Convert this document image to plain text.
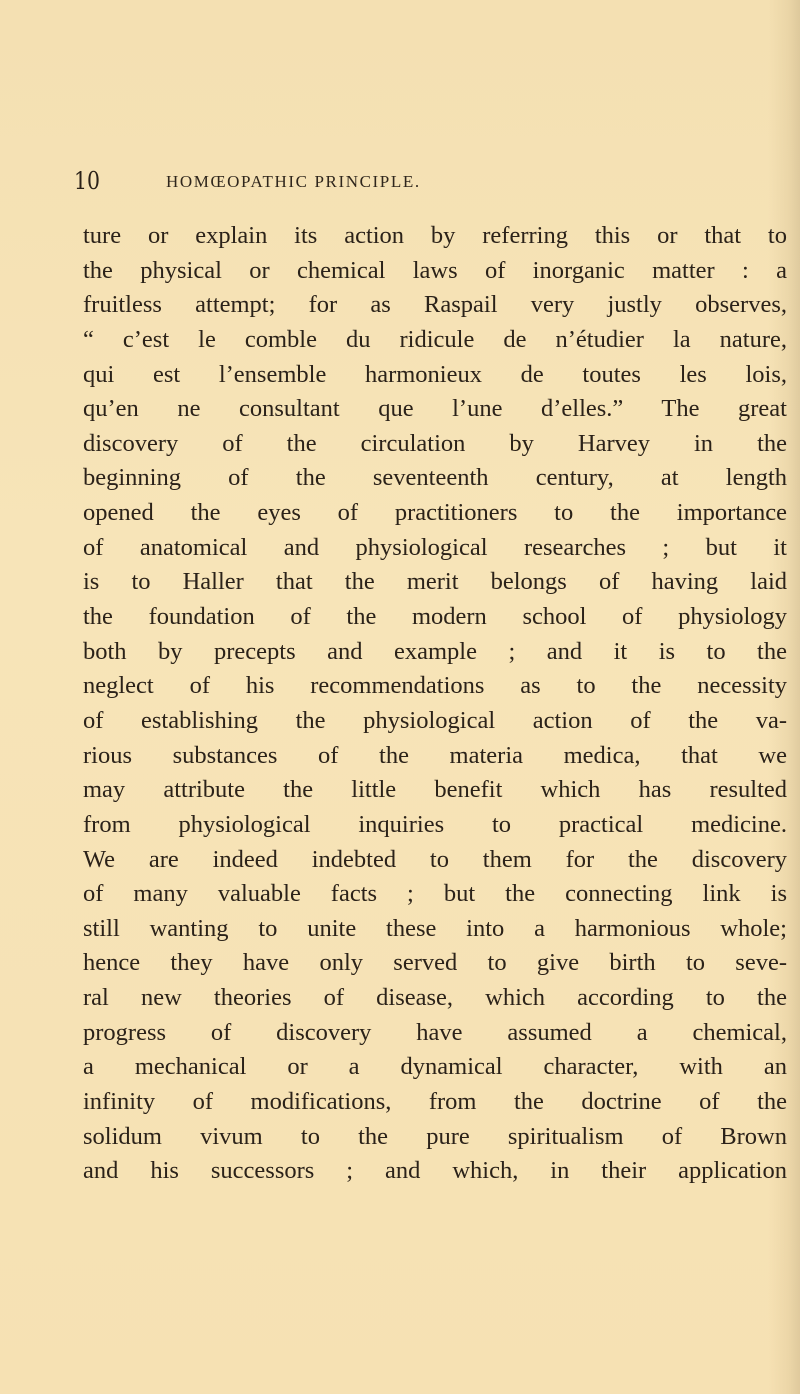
10	HOMŒOPATHIC PRINCIPLE.
ture or explain its action by referring this or that to
the physical or chemical laws of inorganic matter : a
fruitless attempt; for as Raspail very justly observes,
“ c’est le comble du ridicule de n’étudier la nature,
qui est l’ensemble harmonieux de toutes les lois,
qu’en ne consultant que l’une d’elles.” The great
discovery of the circulation by Harvey in the
beginning of the seventeenth century, at length
opened the eyes of practitioners to the importance
of anatomical and physiological researches ; but it
is to Haller that the merit belongs of having laid
the foundation of the modern school of physiology
both by precepts and example ; and it is to the
neglect of his recommendations as to the necessity
of establishing the physiological action of the va-
rious substances of the materia medica, that we
may attribute the little benefit which has resulted
from physiological inquiries to practical medicine.
We are indeed indebted to them for the discovery
of many valuable facts ; but the connecting link is
still wanting to unite these into a harmonious whole;
hence they have only served to give birth to seve-
ral new theories of disease, which according to the
progress of discovery have assumed a chemical,
a mechanical or a dynamical character, with an
infinity of modifications, from the doctrine of the
solidum vivum to the pure spiritualism of Brown
and his successors ; and which, in their application
